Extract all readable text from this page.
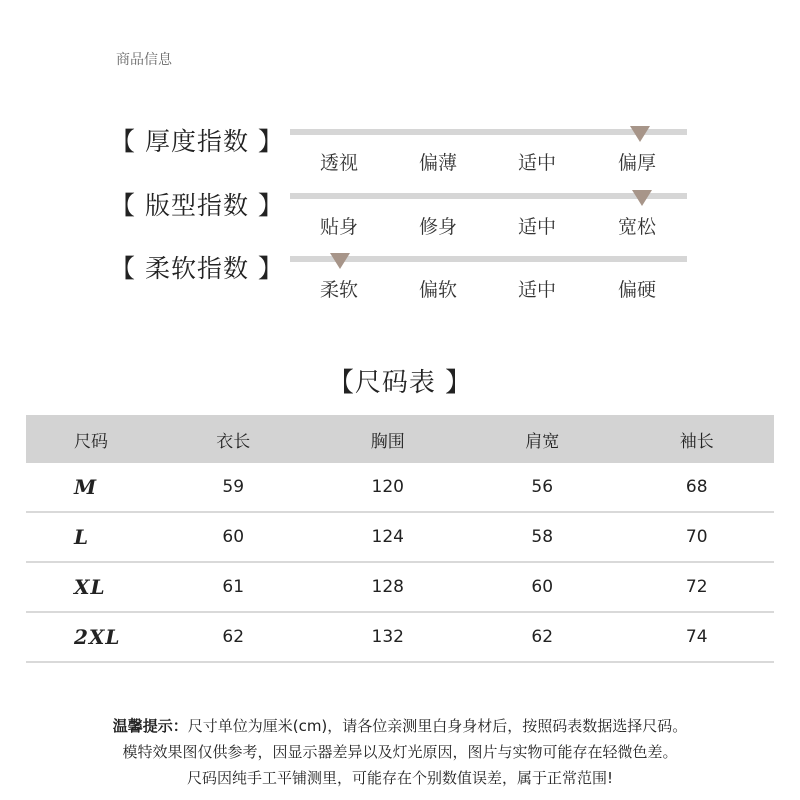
商品信息
【 厚度指数 】
透视	偏薄	适中	偏厚
【 版型指数 】
贴身	修身	适中	宽松
【 柔软指数 】
柔软	偏软	适中	偏硬
【尺码表 】
尺码	衣长	胸围	肩宽	袖长
M	59	120	56	68
L	60	124	58	70
XL	61	128	60	72
2XL	62	132	62	74
温馨提示：尺寸单位为厘米(cm)，请各位亲测里白身身材后，按照码表数据选择尺码。
模特效果图仅供参考，因显示器差异以及灯光原因，图片与实物可能存在轻微色差。
尺码因纯手工平铺测里，可能存在个别数值误差，属于正常范围!
